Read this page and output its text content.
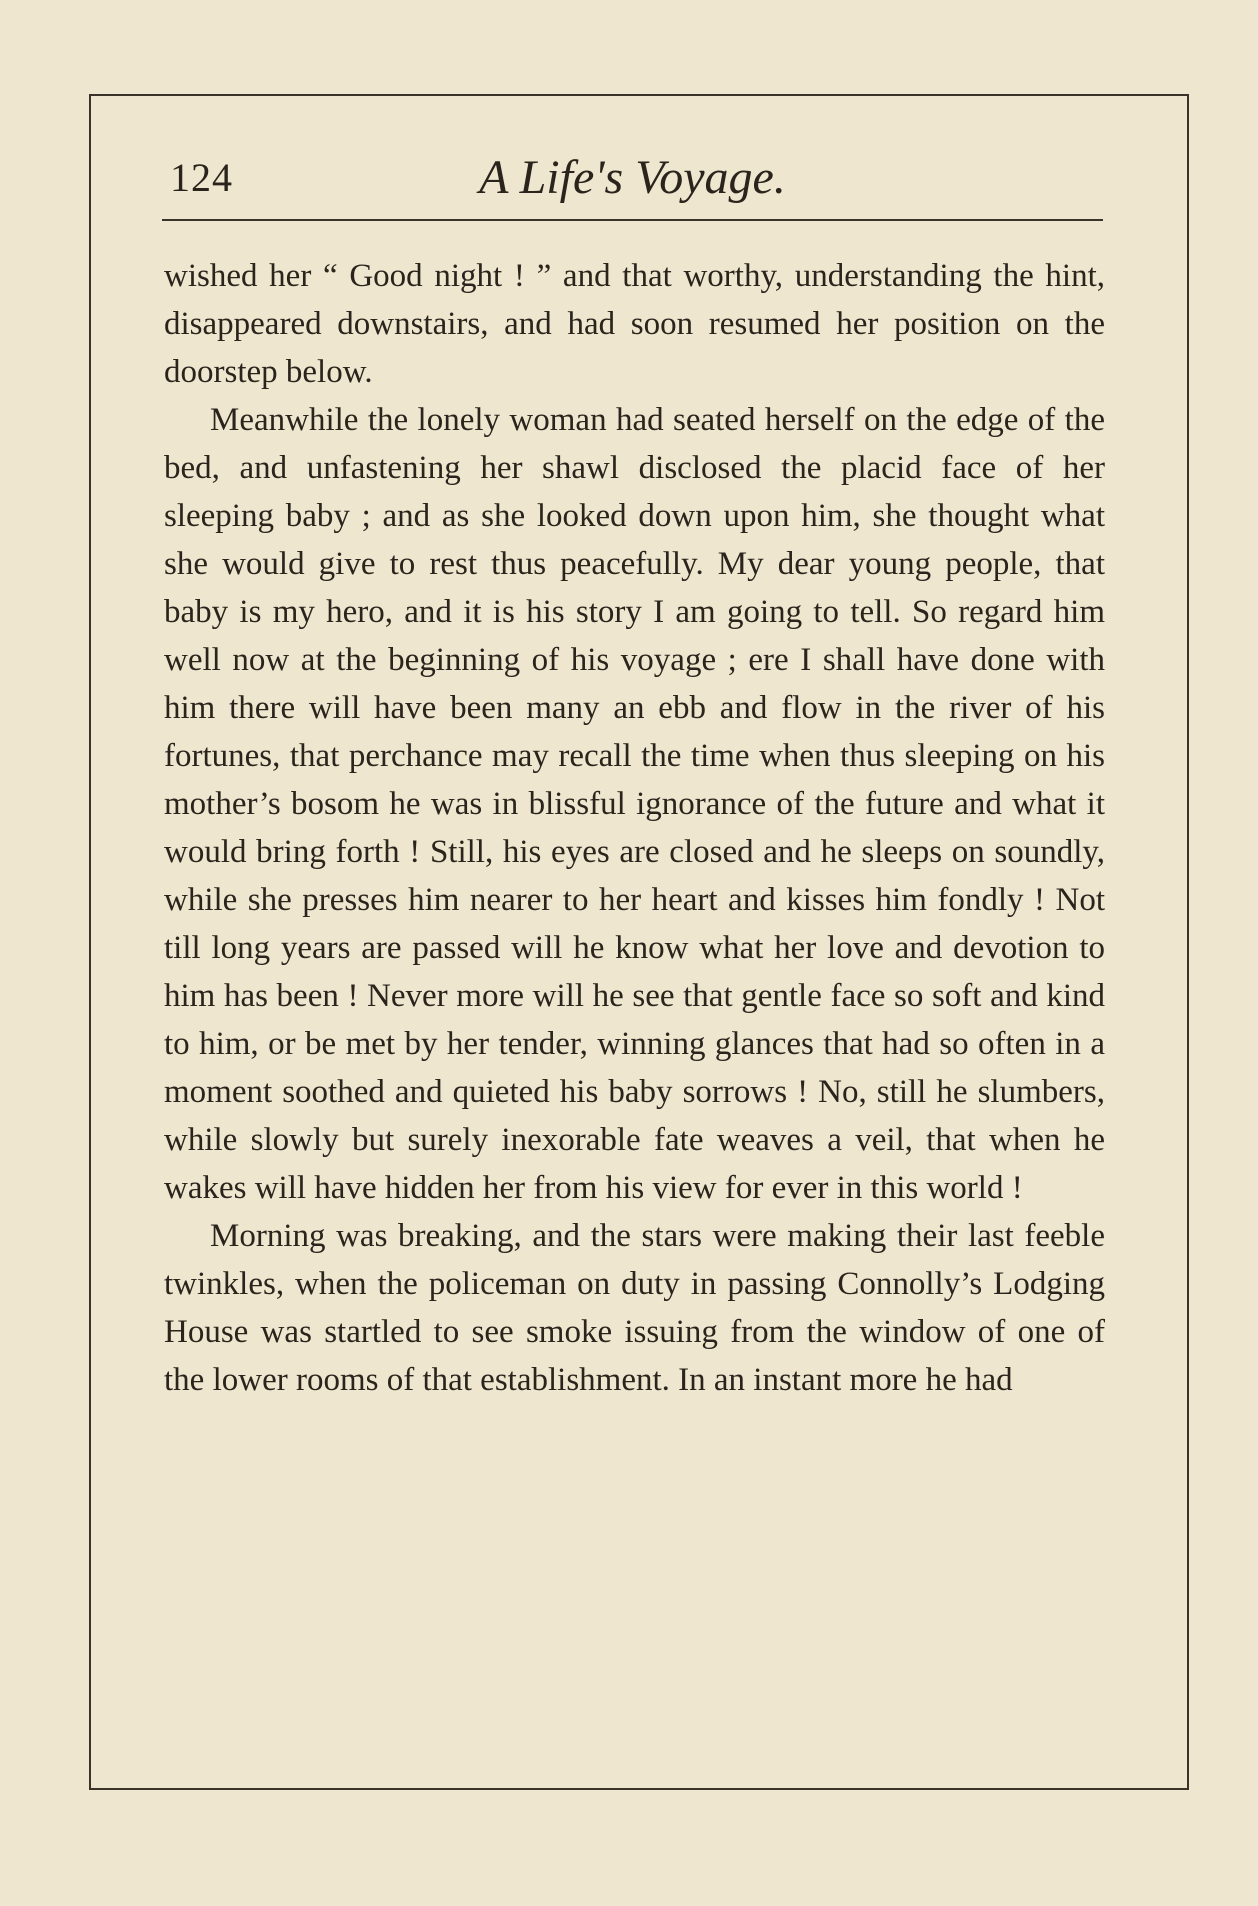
124	A Life's Voyage.

wished her “ Good night ! ” and that worthy, understanding the hint, disappeared downstairs, and had soon resumed her position on the doorstep below.

Meanwhile the lonely woman had seated herself on the edge of the bed, and unfastening her shawl disclosed the placid face of her sleeping baby ; and as she looked down upon him, she thought what she would give to rest thus peacefully. My dear young people, that baby is my hero, and it is his story I am going to tell. So regard him well now at the beginning of his voyage ; ere I shall have done with him there will have been many an ebb and flow in the river of his fortunes, that perchance may recall the time when thus sleeping on his mother’s bosom he was in blissful ignorance of the future and what it would bring forth ! Still, his eyes are closed and he sleeps on soundly, while she presses him nearer to her heart and kisses him fondly ! Not till long years are passed will he know what her love and devotion to him has been ! Never more will he see that gentle face so soft and kind to him, or be met by her tender, winning glances that had so often in a moment soothed and quieted his baby sorrows ! No, still he slumbers, while slowly but surely inexorable fate weaves a veil, that when he wakes will have hidden her from his view for ever in this world !

Morning was breaking, and the stars were making their last feeble twinkles, when the policeman on duty in passing Connolly’s Lodging House was startled to see smoke issuing from the window of one of the lower rooms of that establishment. In an instant more he had
